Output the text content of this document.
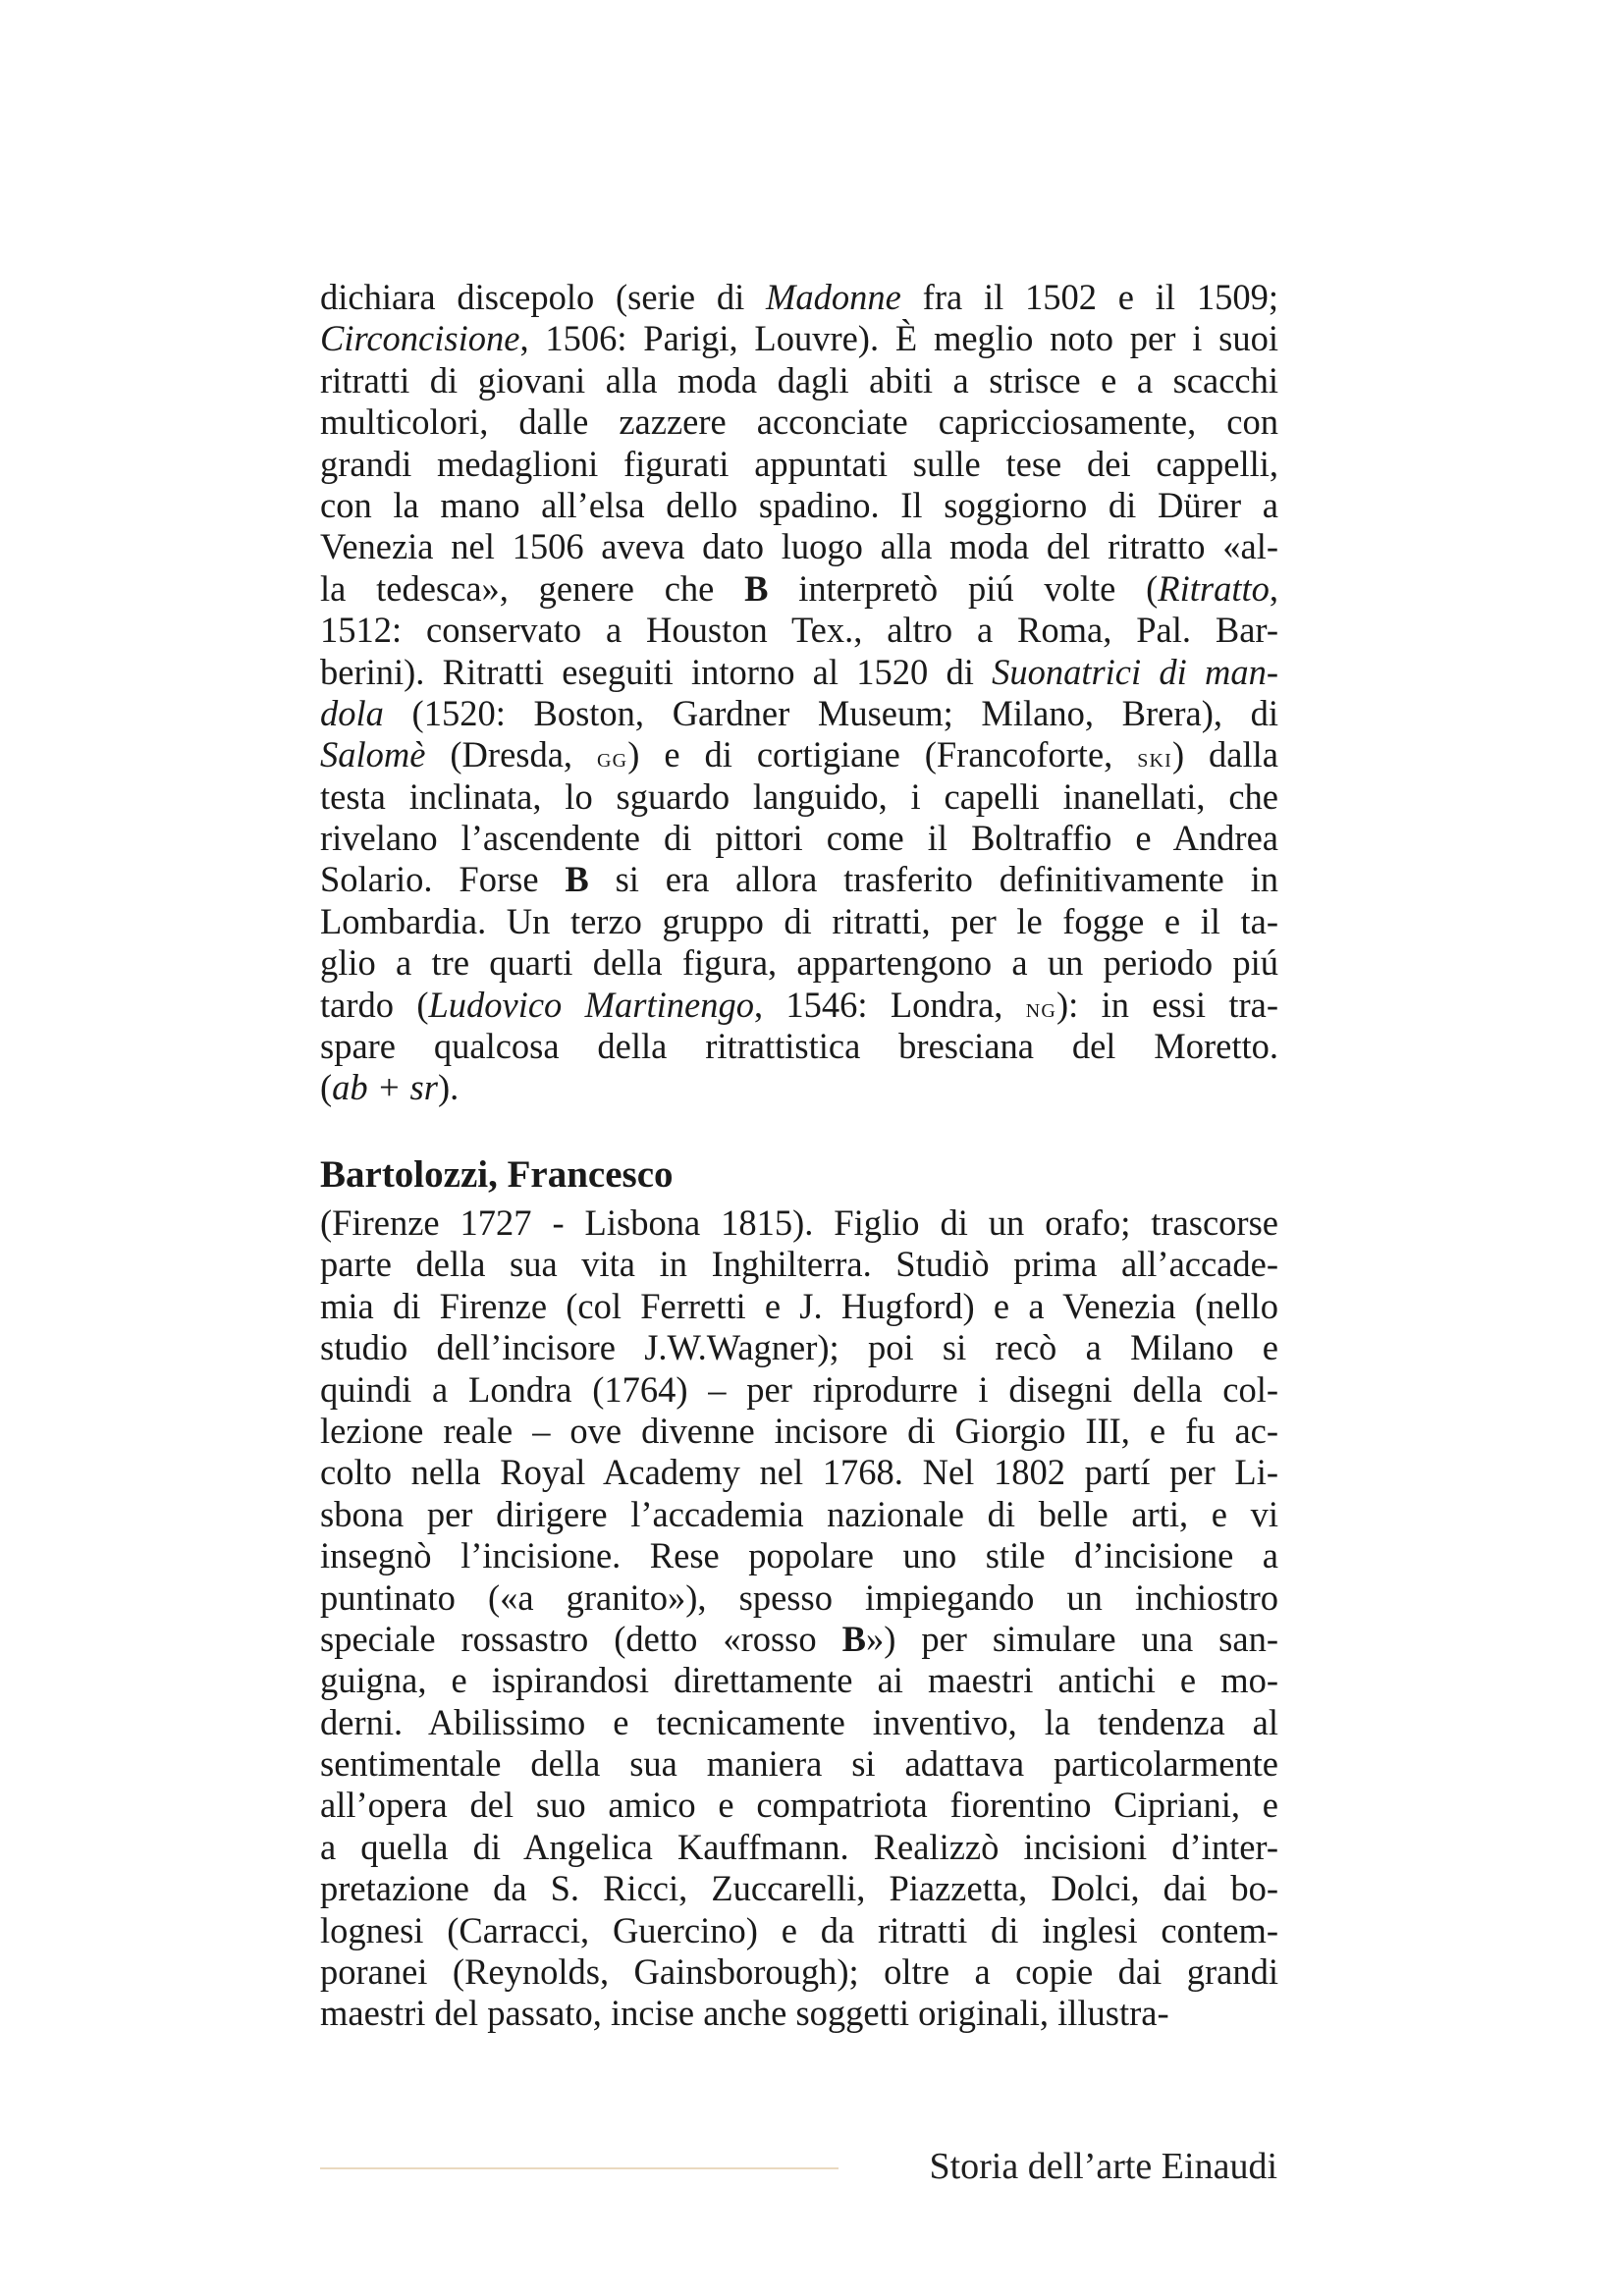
dichiara discepolo (serie di Madonne fra il 1502 e il 1509;
Circoncisione, 1506: Parigi, Louvre). È meglio noto per i suoi
ritratti di giovani alla moda dagli abiti a strisce e a scacchi
multicolori, dalle zazzere acconciate capricciosamente, con
grandi medaglioni figurati appuntati sulle tese dei cappelli,
con la mano all’elsa dello spadino. Il soggiorno di Dürer a
Venezia nel 1506 aveva dato luogo alla moda del ritratto «al-
la tedesca», genere che B interpretò piú volte (Ritratto,
1512: conservato a Houston Tex., altro a Roma, Pal. Bar-
berini). Ritratti eseguiti intorno al 1520 di Suonatrici di man-
dola (1520: Boston, Gardner Museum; Milano, Brera), di
Salomè (Dresda, gg) e di cortigiane (Francoforte, ski) dalla
testa inclinata, lo sguardo languido, i capelli inanellati, che
rivelano l’ascendente di pittori come il Boltraffio e Andrea
Solario. Forse B si era allora trasferito definitivamente in
Lombardia. Un terzo gruppo di ritratti, per le fogge e il ta-
glio a tre quarti della figura, appartengono a un periodo piú
tardo (Ludovico Martinengo, 1546: Londra, ng): in essi tra-
spare qualcosa della ritrattistica bresciana del Moretto.
(ab + sr).
Bartolozzi, Francesco
(Firenze 1727 - Lisbona 1815). Figlio di un orafo; trascorse
parte della sua vita in Inghilterra. Studiò prima all’accade-
mia di Firenze (col Ferretti e J. Hugford) e a Venezia (nello
studio dell’incisore J.W.Wagner); poi si recò a Milano e
quindi a Londra (1764) – per riprodurre i disegni della col-
lezione reale – ove divenne incisore di Giorgio III, e fu ac-
colto nella Royal Academy nel 1768. Nel 1802 partí per Li-
sbona per dirigere l’accademia nazionale di belle arti, e vi
insegnò l’incisione. Rese popolare uno stile d’incisione a
puntinato («a granito»), spesso impiegando un inchiostro
speciale rossastro (detto «rosso B») per simulare una san-
guigna, e ispirandosi direttamente ai maestri antichi e mo-
derni. Abilissimo e tecnicamente inventivo, la tendenza al
sentimentale della sua maniera si adattava particolarmente
all’opera del suo amico e compatriota fiorentino Cipriani, e
a quella di Angelica Kauffmann. Realizzò incisioni d’inter-
pretazione da S. Ricci, Zuccarelli, Piazzetta, Dolci, dai bo-
lognesi (Carracci, Guercino) e da ritratti di inglesi contem-
poranei (Reynolds, Gainsborough); oltre a copie dai grandi
maestri del passato, incise anche soggetti originali, illustra-
Storia dell’arte Einaudi
